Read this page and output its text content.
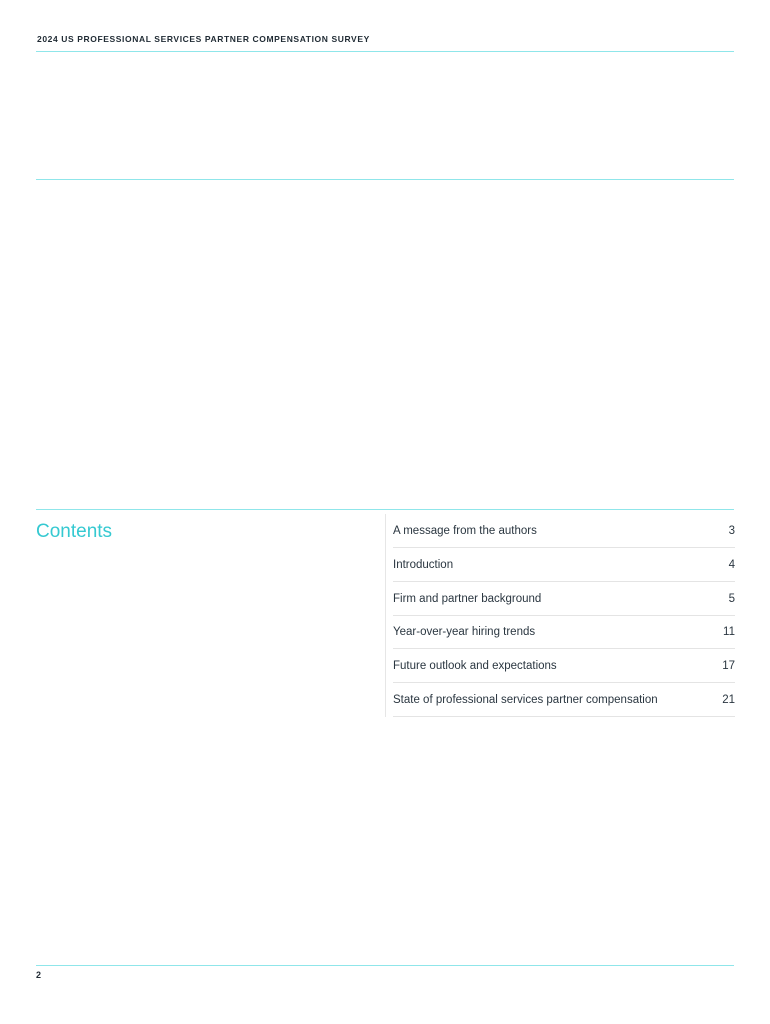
2024 US PROFESSIONAL SERVICES PARTNER COMPENSATION SURVEY
Contents	A message from the authors	3
Introduction	4
Firm and partner background	5
Year-over-year hiring trends	11
Future outlook and expectations	17
State of professional services partner compensation	21
2
